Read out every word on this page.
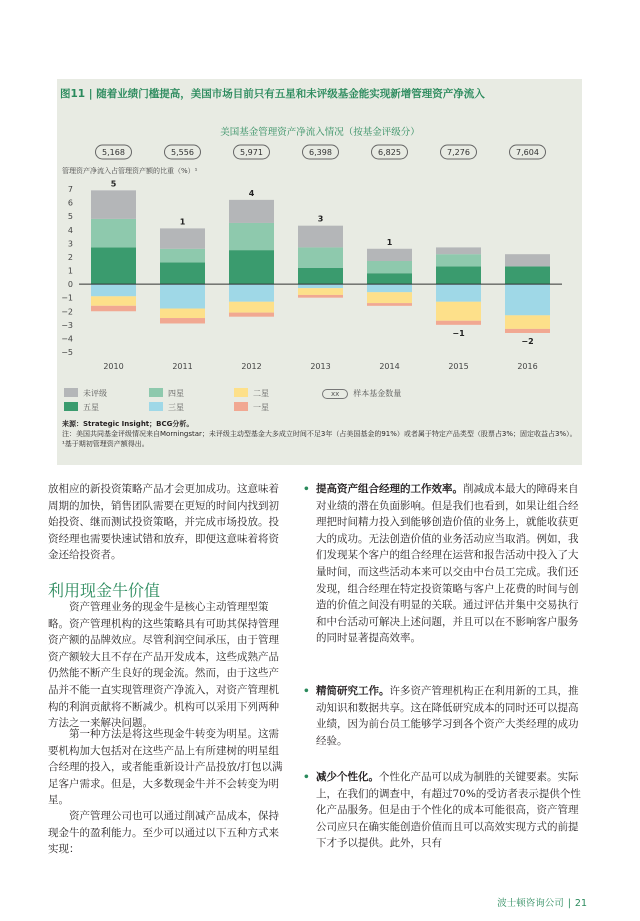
图11 | 随着业绩门槛提高，美国市场目前只有五星和未评级基金能实现新增管理资产净流入
美国基金管理资产净流入情况（按基金评级分）
管理资产净流入占管理资产额的比重（%）¹
7
6
5
4
3
2
1
0
−1
−2
−3
−4
−5
5,168
5
2010
5,556
1
2011
5,971
4
2012
6,398
3
2013
6,825
1
2014
7,276
−1
2015
7,604
−2
2016
未评级	四星	二星
五星	三星	一星
xx 样本基金数量
来源：Strategic Insight；BCG分析。
注：美国共同基金评级情况来自Morningstar；未评级主动型基金大多成立时间不足3年（占美国基金的91%）或者属于特定产品类型（股票占3%；固定收益占3%）。
¹基于期初管理资产额得出。

放相应的新投资策略产品才会更加成功。这意味着周期的加快，销售团队需要在更短的时间内找到初始投资、继而测试投资策略，并完成市场投放。投资经理也需要快速试错和放弃，即便这意味着将资金还给投资者。

利用现金牛价值

资产管理业务的现金牛是核心主动管理型策略。资产管理机构的这些策略具有可助其保持管理资产额的品牌效应。尽管利润空间承压，由于管理资产额较大且不存在产品开发成本，这些成熟产品仍然能不断产生良好的现金流。然而，由于这些产品并不能一直实现管理资产净流入，对资产管理机构的利润贡献将不断减少。机构可以采用下列两种方法之一来解决问题。

第一种方法是将这些现金牛转变为明星。这需要机构加大包括对在这些产品上有所建树的明星组合经理的投入，或者能重新设计产品投放/打包以满足客户需求。但是，大多数现金牛并不会转变为明星。

资产管理公司也可以通过削减产品成本，保持现金牛的盈利能力。至少可以通过以下五种方式来实现：

• 提高资产组合经理的工作效率。削减成本最大的障碍来自对业绩的潜在负面影响。但是我们也看到，如果让组合经理把时间精力投入到能够创造价值的业务上，就能收获更大的成功。无法创造价值的业务活动应当取消。例如，我们发现某个客户的组合经理在运营和报告活动中投入了大量时间，而这些活动本来可以交由中台员工完成。我们还发现，组合经理在特定投资策略与客户上花费的时间与创造的价值之间没有明显的关联。通过评估并集中交易执行和中台活动可解决上述问题，并且可以在不影响客户服务的同时显著提高效率。
• 精简研究工作。许多资产管理机构正在利用新的工具，推动知识和数据共享。这在降低研究成本的同时还可以提高业绩，因为前台员工能够学习到各个资产大类经理的成功经验。
• 减少个性化。个性化产品可以成为制胜的关键要素。实际上，在我们的调查中，有超过70%的受访者表示提供个性化产品服务。但是由于个性化的成本可能很高，资产管理公司应只在确实能创造价值而且可以高效实现方式的前提下才予以提供。此外，只有
波士顿咨询公司 | 21
